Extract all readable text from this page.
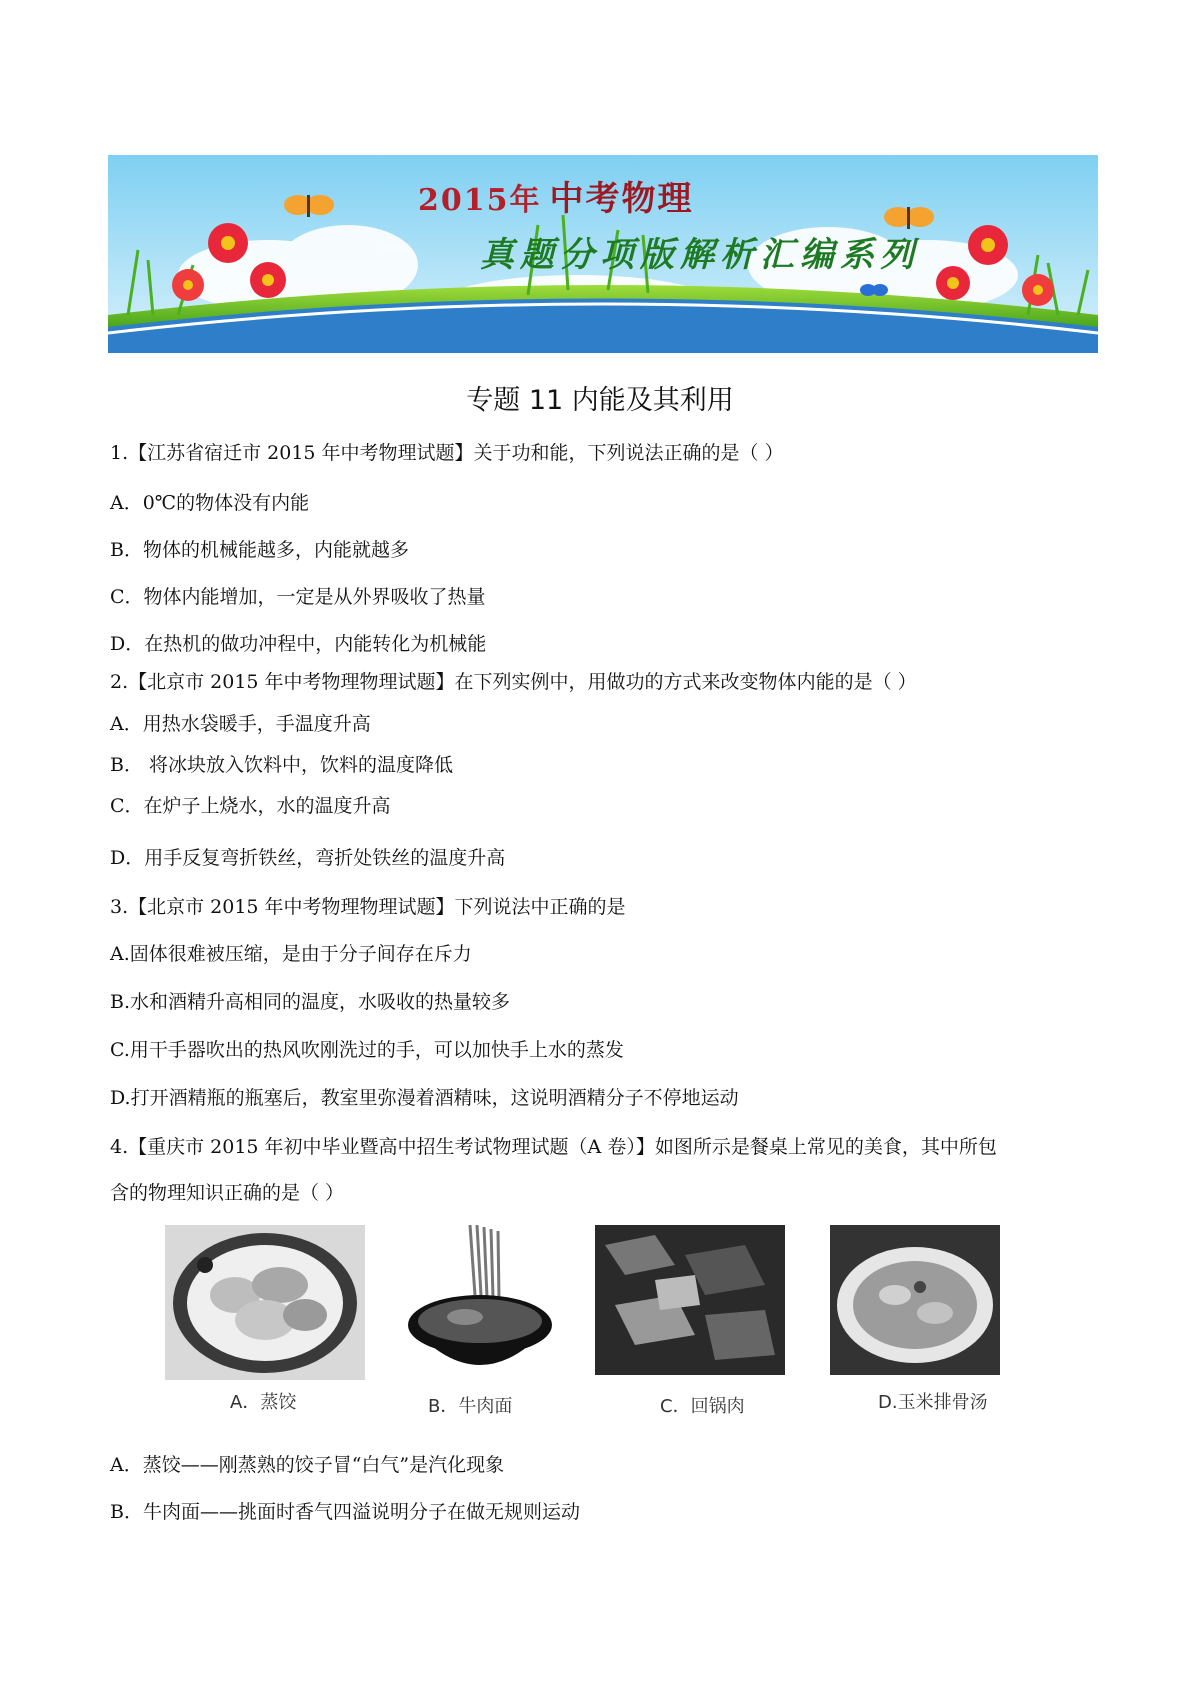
2015年 中考物理
真题分项版解析汇编系列
专题 11 内能及其利用
1.【江苏省宿迁市 2015 年中考物理试题】关于功和能，下列说法正确的是（ ）
A．0℃的物体没有内能
B．物体的机械能越多，内能就越多
C．物体内能增加，一定是从外界吸收了热量
D．在热机的做功冲程中，内能转化为机械能
2.【北京市 2015 年中考物理物理试题】在下列实例中，用做功的方式来改变物体内能的是（ ）
A．用热水袋暖手，手温度升高
B． 将冰块放入饮料中，饮料的温度降低
C．在炉子上烧水，水的温度升高
D．用手反复弯折铁丝，弯折处铁丝的温度升高
3.【北京市 2015 年中考物理物理试题】下列说法中正确的是
A.固体很难被压缩，是由于分子间存在斥力
B.水和酒精升高相同的温度，水吸收的热量较多
C.用干手器吹出的热风吹刚洗过的手，可以加快手上水的蒸发
D.打开酒精瓶的瓶塞后，教室里弥漫着酒精味，这说明酒精分子不停地运动
4.【重庆市 2015 年初中毕业暨高中招生考试物理试题（A 卷）】如图所示是餐桌上常见的美食，其中所包
含的物理知识正确的是（ ）
A．蒸饺	B．牛肉面	C．回锅肉	D.玉米排骨汤
A．蒸饺——刚蒸熟的饺子冒“白气”是汽化现象
B．牛肉面——挑面时香气四溢说明分子在做无规则运动
